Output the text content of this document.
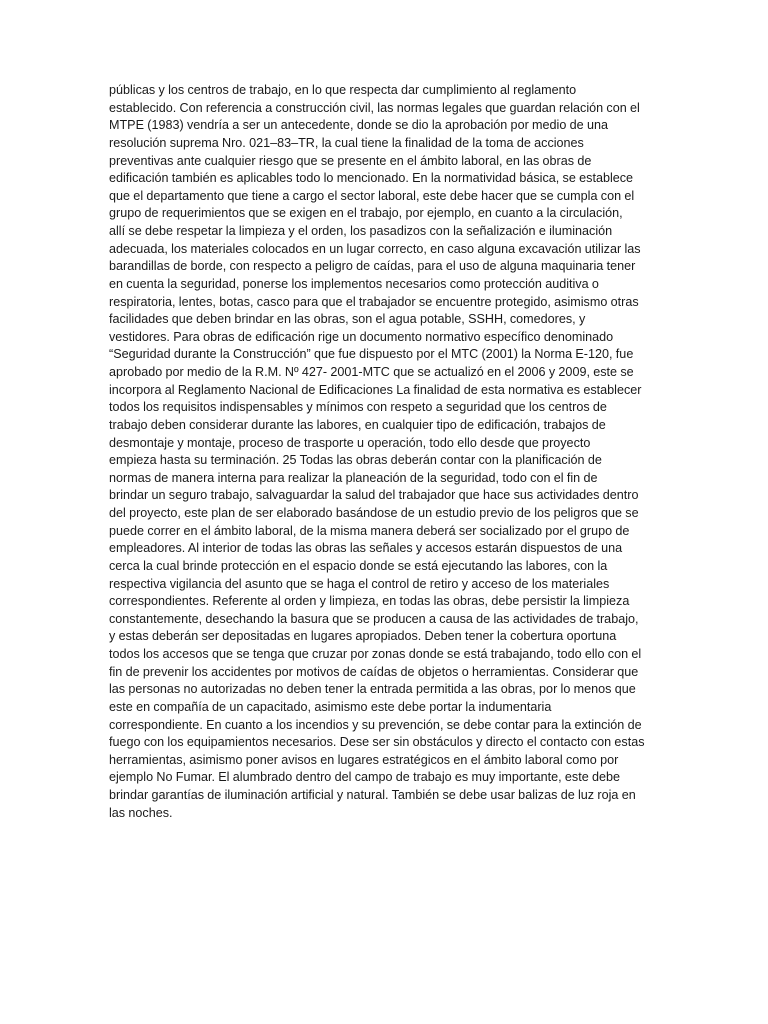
públicas y los centros de trabajo, en lo que respecta dar cumplimiento al reglamento
establecido. Con referencia a construcción civil, las normas legales que guardan relación con el
MTPE (1983) vendría a ser un antecedente, donde se dio la aprobación por medio de una
resolución suprema Nro. 021–83–TR, la cual tiene la finalidad de la toma de acciones
preventivas ante cualquier riesgo que se presente en el ámbito laboral, en las obras de
edificación también es aplicables todo lo mencionado. En la normatividad básica, se establece
que el departamento que tiene a cargo el sector laboral, este debe hacer que se cumpla con el
grupo de requerimientos que se exigen en el trabajo, por ejemplo, en cuanto a la circulación,
allí se debe respetar la limpieza y el orden, los pasadizos con la señalización e iluminación
adecuada, los materiales colocados en un lugar correcto, en caso alguna excavación utilizar las
barandillas de borde, con respecto a peligro de caídas, para el uso de alguna maquinaria tener
en cuenta la seguridad, ponerse los implementos necesarios como protección auditiva o
respiratoria, lentes, botas, casco para que el trabajador se encuentre protegido, asimismo otras
facilidades que deben brindar en las obras, son el agua potable, SSHH, comedores, y
vestidores. Para obras de edificación rige un documento normativo específico denominado
“Seguridad durante la Construcción” que fue dispuesto por el MTC (2001) la Norma E-120, fue
aprobado por medio de la R.M. Nº 427- 2001-MTC que se actualizó en el 2006 y 2009, este se
incorpora al Reglamento Nacional de Edificaciones La finalidad de esta normativa es establecer
todos los requisitos indispensables y mínimos con respeto a seguridad que los centros de
trabajo deben considerar durante las labores, en cualquier tipo de edificación, trabajos de
desmontaje y montaje, proceso de trasporte u operación, todo ello desde que proyecto
empieza hasta su terminación. 25 Todas las obras deberán contar con la planificación de
normas de manera interna para realizar la planeación de la seguridad, todo con el fin de
brindar un seguro trabajo, salvaguardar la salud del trabajador que hace sus actividades dentro
del proyecto, este plan de ser elaborado basándose de un estudio previo de los peligros que se
puede correr en el ámbito laboral, de la misma manera deberá ser socializado por el grupo de
empleadores. Al interior de todas las obras las señales y accesos estarán dispuestos de una
cerca la cual brinde protección en el espacio donde se está ejecutando las labores, con la
respectiva vigilancia del asunto que se haga el control de retiro y acceso de los materiales
correspondientes. Referente al orden y limpieza, en todas las obras, debe persistir la limpieza
constantemente, desechando la basura que se producen a causa de las actividades de trabajo,
y estas deberán ser depositadas en lugares apropiados. Deben tener la cobertura oportuna
todos los accesos que se tenga que cruzar por zonas donde se está trabajando, todo ello con el
fin de prevenir los accidentes por motivos de caídas de objetos o herramientas. Considerar que
las personas no autorizadas no deben tener la entrada permitida a las obras, por lo menos que
este en compañía de un capacitado, asimismo este debe portar la indumentaria
correspondiente. En cuanto a los incendios y su prevención, se debe contar para la extinción de
fuego con los equipamientos necesarios. Dese ser sin obstáculos y directo el contacto con estas
herramientas, asimismo poner avisos en lugares estratégicos en el ámbito laboral como por
ejemplo No Fumar. El alumbrado dentro del campo de trabajo es muy importante, este debe
brindar garantías de iluminación artificial y natural. También se debe usar balizas de luz roja en
las noches.
